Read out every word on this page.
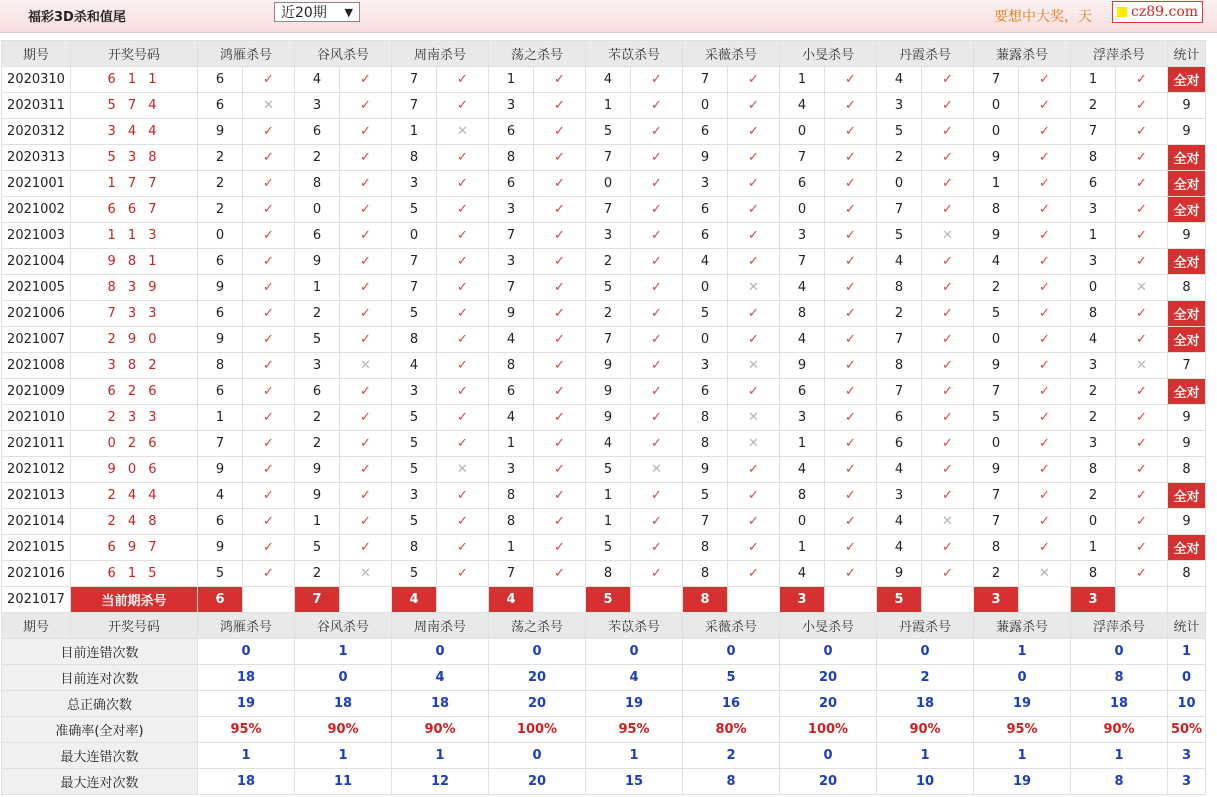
福彩3D杀和值尾	近20期 ▼	要想中大奖，天	cz89.com
期号	开奖号码	鸿雁杀号		谷风杀号		周南杀号		荡之杀号		芣苡杀号		采薇杀号		小旻杀号		丹霞杀号		蒹露杀号		浮萍杀号		统计
2020310	6 1 1	6	✓	4	✓	7	✓	1	✓	4	✓	7	✓	1	✓	4	✓	7	✓	1	✓	全对
2020311	5 7 4	6	✕	3	✓	7	✓	3	✓	1	✓	0	✓	4	✓	3	✓	0	✓	2	✓	9
2020312	3 4 4	9	✓	6	✓	1	✕	6	✓	5	✓	6	✓	0	✓	5	✓	0	✓	7	✓	9
2020313	5 3 8	2	✓	2	✓	8	✓	8	✓	7	✓	9	✓	7	✓	2	✓	9	✓	8	✓	全对
2021001	1 7 7	2	✓	8	✓	3	✓	6	✓	0	✓	3	✓	6	✓	0	✓	1	✓	6	✓	全对
2021002	6 6 7	2	✓	0	✓	5	✓	3	✓	7	✓	6	✓	0	✓	7	✓	8	✓	3	✓	全对
2021003	1 1 3	0	✓	6	✓	0	✓	7	✓	3	✓	6	✓	3	✓	5	✕	9	✓	1	✓	9
2021004	9 8 1	6	✓	9	✓	7	✓	3	✓	2	✓	4	✓	7	✓	4	✓	4	✓	3	✓	全对
2021005	8 3 9	9	✓	1	✓	7	✓	7	✓	5	✓	0	✕	4	✓	8	✓	2	✓	0	✕	8
2021006	7 3 3	6	✓	2	✓	5	✓	9	✓	2	✓	5	✓	8	✓	2	✓	5	✓	8	✓	全对
2021007	2 9 0	9	✓	5	✓	8	✓	4	✓	7	✓	0	✓	4	✓	7	✓	0	✓	4	✓	全对
2021008	3 8 2	8	✓	3	✕	4	✓	8	✓	9	✓	3	✕	9	✓	8	✓	9	✓	3	✕	7
2021009	6 2 6	6	✓	6	✓	3	✓	6	✓	9	✓	6	✓	6	✓	7	✓	7	✓	2	✓	全对
2021010	2 3 3	1	✓	2	✓	5	✓	4	✓	9	✓	8	✕	3	✓	6	✓	5	✓	2	✓	9
2021011	0 2 6	7	✓	2	✓	5	✓	1	✓	4	✓	8	✕	1	✓	6	✓	0	✓	3	✓	9
2021012	9 0 6	9	✓	9	✓	5	✕	3	✓	5	✕	9	✓	4	✓	4	✓	9	✓	8	✓	8
2021013	2 4 4	4	✓	9	✓	3	✓	8	✓	1	✓	5	✓	8	✓	3	✓	7	✓	2	✓	全对
2021014	2 4 8	6	✓	1	✓	5	✓	8	✓	1	✓	7	✓	0	✓	4	✕	7	✓	0	✓	9
2021015	6 9 7	9	✓	5	✓	8	✓	1	✓	5	✓	8	✓	1	✓	4	✓	8	✓	1	✓	全对
2021016	6 1 5	5	✓	2	✕	5	✓	7	✓	8	✓	8	✓	4	✓	9	✓	2	✕	8	✓	8
2021017	当前期杀号	6		7		4		4		5		8		3		5		3		3		
期号	开奖号码	鸿雁杀号		谷风杀号		周南杀号		荡之杀号		芣苡杀号		采薇杀号		小旻杀号		丹霞杀号		蒹露杀号		浮萍杀号		统计
目前连错次数		0		1		0		0		0		0		0		0		1		0		1
目前连对次数		18		0		4		20		4		5		20		2		0		8		0
总正确次数		19		18		18		20		19		16		20		18		19		18		10
准确率(全对率)		95%		90%		90%		100%		95%		80%		100%		90%		95%		90%		50%
最大连错次数		1		1		1		0		1		2		0		1		1		1		3
最大连对次数		18		11		12		20		15		8		20		10		19		8		3
